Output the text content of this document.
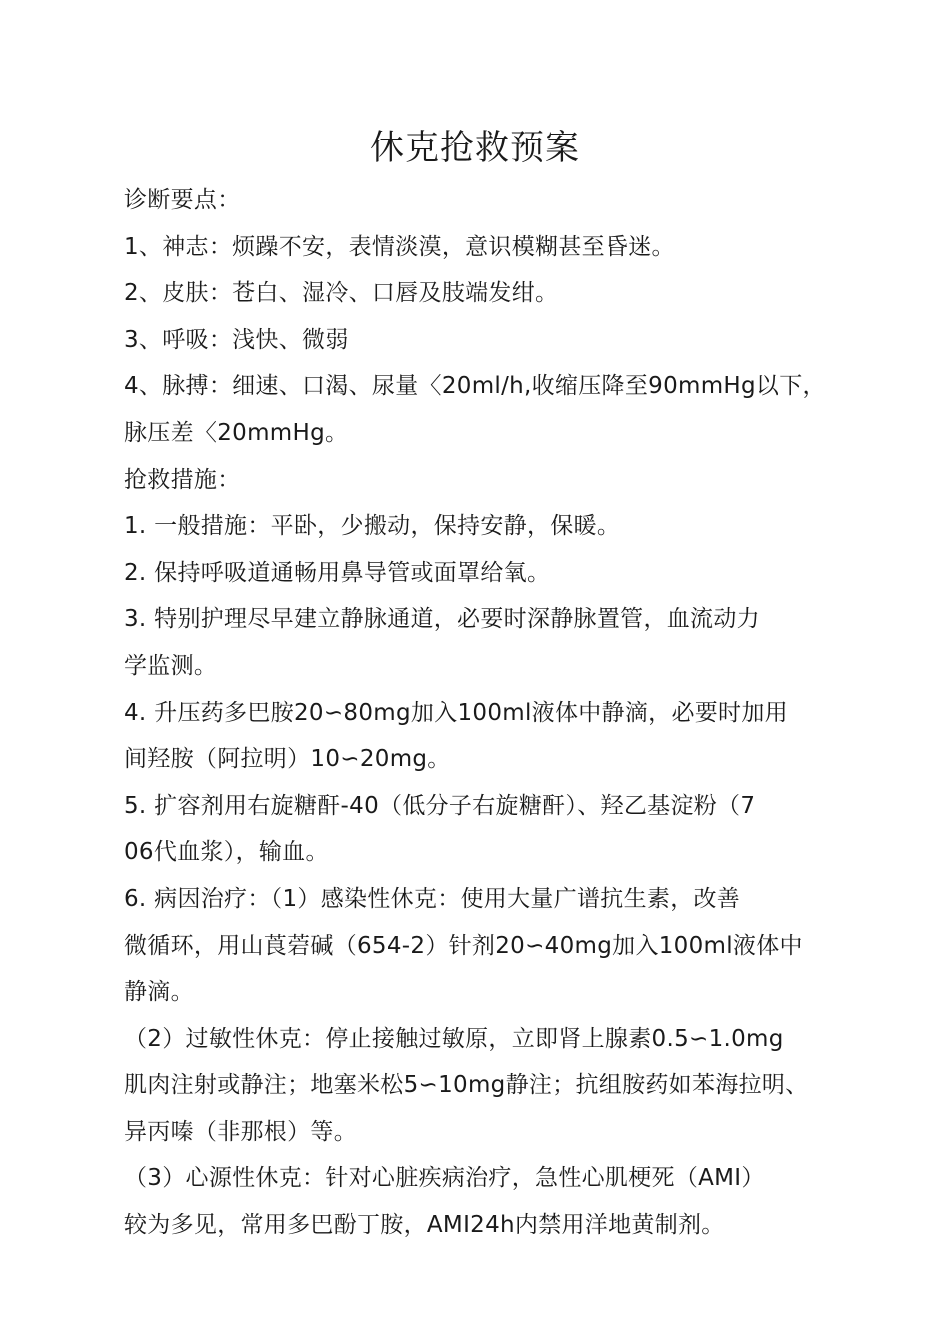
休克抢救预案
诊断要点：
1、神志：烦躁不安，表情淡漠，意识模糊甚至昏迷。
2、皮肤：苍白、湿冷、口唇及肢端发绀。
3、呼吸：浅快、微弱
4、脉搏：细速、口渴、尿量〈20ml/h,收缩压降至90mmHg以下，
脉压差〈20mmHg。
抢救措施：
1. 一般措施：平卧，少搬动，保持安静，保暖。
2. 保持呼吸道通畅用鼻导管或面罩给氧。
3. 特别护理尽早建立静脉通道，必要时深静脉置管，血流动力
学监测。
4. 升压药多巴胺20∽80mg加入100ml液体中静滴，必要时加用
间羟胺（阿拉明）10∽20mg。
5. 扩容剂用右旋糖酐-40（低分子右旋糖酐）、羟乙基淀粉（7
06代血浆），输血。
6. 病因治疗：（1）感染性休克：使用大量广谱抗生素，改善
微循环，用山莨菪碱（654-2）针剂20∽40mg加入100ml液体中
静滴。
（2）过敏性休克：停止接触过敏原，立即肾上腺素0.5∽1.0mg
肌肉注射或静注；地塞米松5∽10mg静注；抗组胺药如苯海拉明、
异丙嗪（非那根）等。
（3）心源性休克：针对心脏疾病治疗，急性心肌梗死（AMI）
较为多见，常用多巴酚丁胺，AMI24h内禁用洋地黄制剂。
